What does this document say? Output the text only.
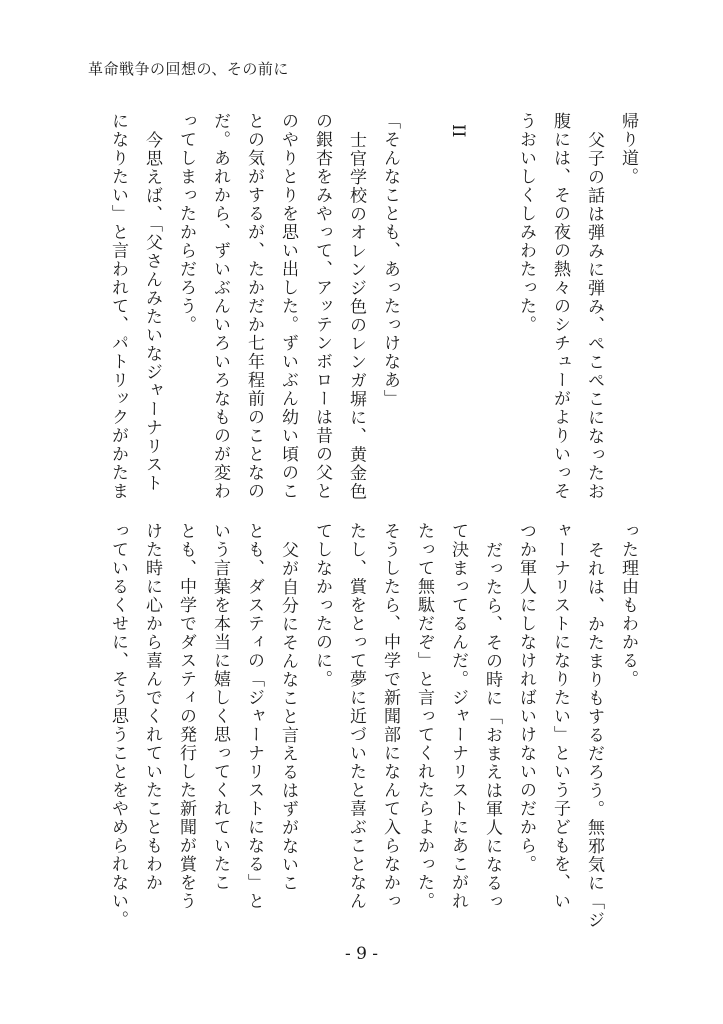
革命戦争の回想の、その前に
帰り道。
父子の話は弾みに弾み、ぺこぺこになったお
腹には、その夜の熱々のシチューがよりいっそ
うおいしくしみわたった。
II
「そんなことも、あったっけなあ」
士官学校のオレンジ色のレンガ塀に、黄金色
の銀杏をみやって、アッテンボローは昔の父と
のやりとりを思い出した。ずいぶん幼い頃のこ
との気がするが、たかだか七年程前のことなの
だ。あれから、ずいぶんいろいろなものが変わ
ってしまったからだろう。
今思えば、「父さんみたいなジャーナリスト
になりたい」と言われて、パトリックがかたま
った理由もわかる。
それは、かたまりもするだろう。無邪気に「ジ
ャーナリストになりたい」という子どもを、い
つか軍人にしなければいけないのだから。
だったら、その時に「おまえは軍人になるっ
て決まってるんだ。ジャーナリストにあこがれ
たって無駄だぞ」と言ってくれたらよかった。
そうしたら、中学で新聞部になんて入らなかっ
たし、賞をとって夢に近づいたと喜ぶことなん
てしなかったのに。
父が自分にそんなこと言えるはずがないこ
とも、ダスティの「ジャーナリストになる」と
いう言葉を本当に嬉しく思ってくれていたこ
とも、中学でダスティの発行した新聞が賞をう
けた時に心から喜んでくれていたこともわか
っているくせに、そう思うことをやめられない。
- 9 -
